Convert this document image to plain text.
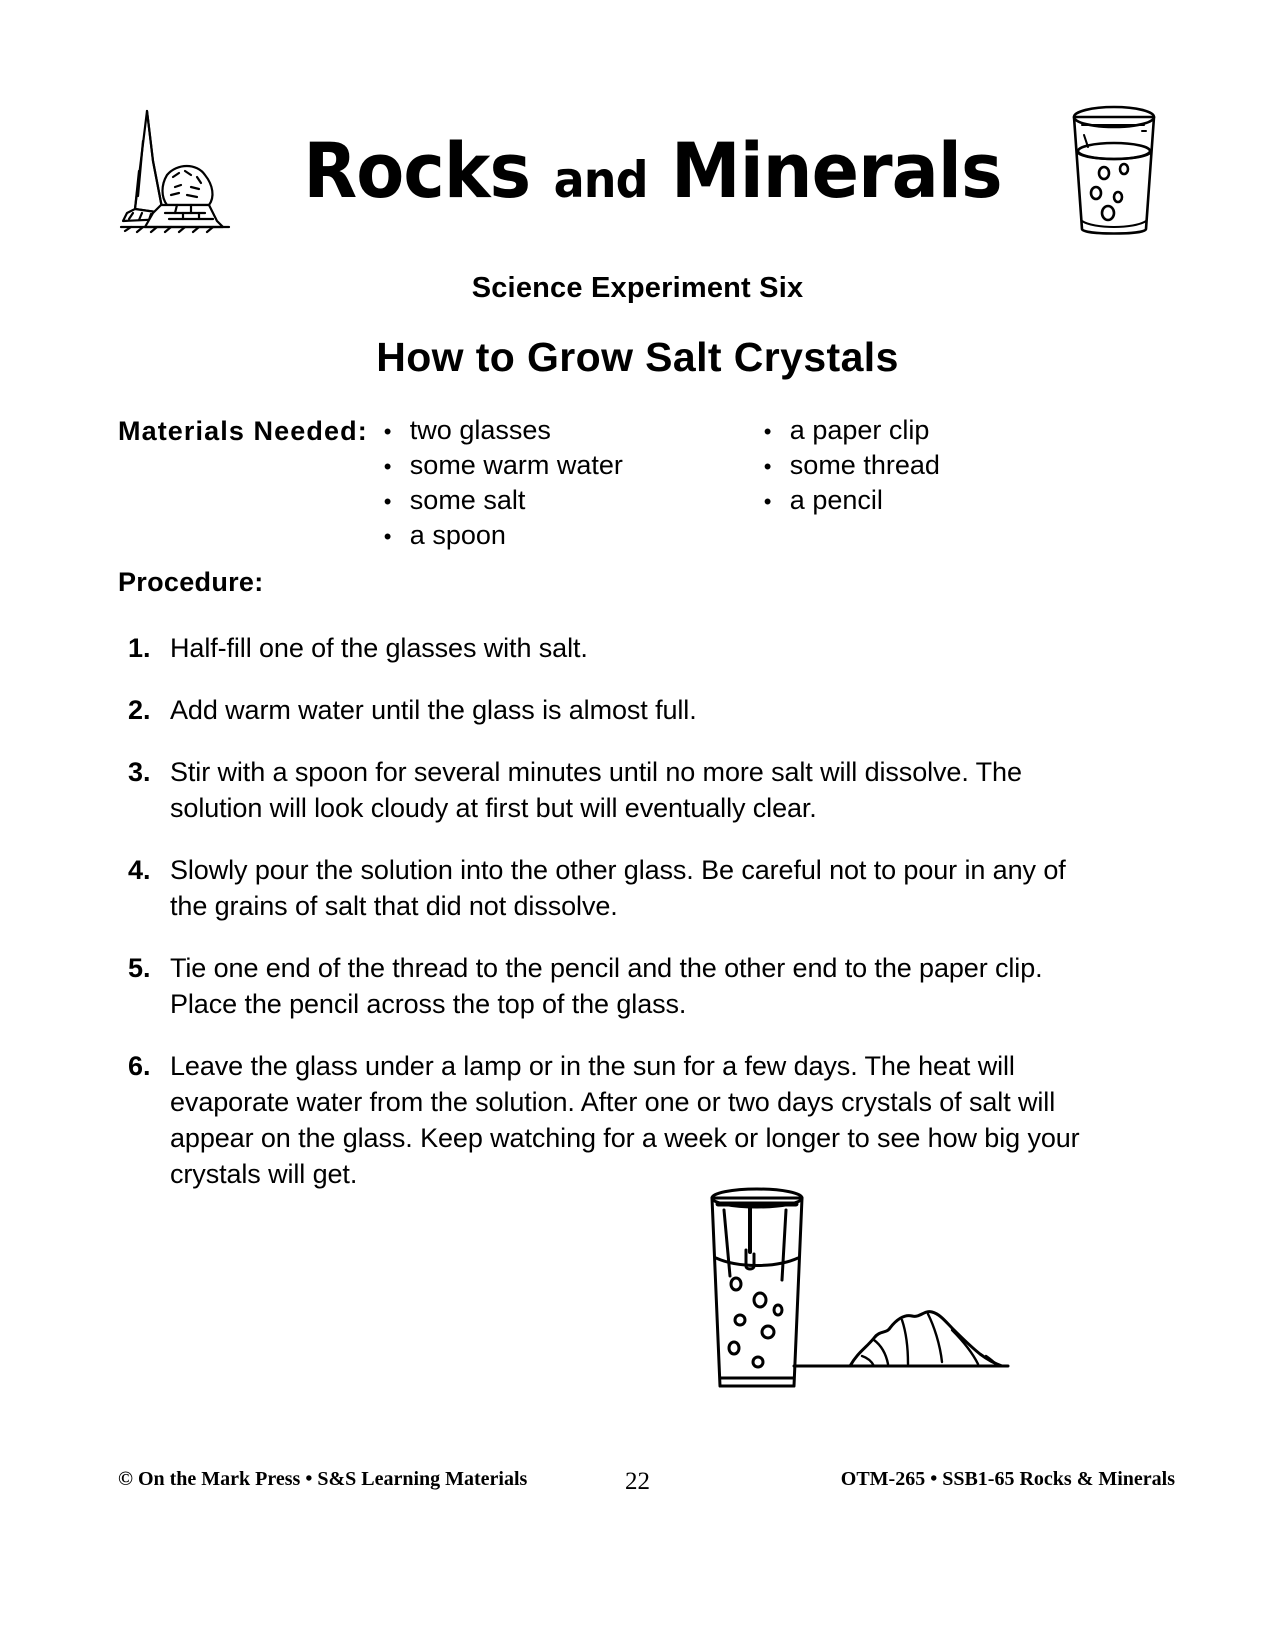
Rocks and Minerals
Science Experiment Six
How to Grow Salt Crystals
Materials Needed: • two glasses
• some warm water
• some salt
• a spoon
• a paper clip
• some thread
• a pencil
Procedure:
1. Half-fill one of the glasses with salt.
2. Add warm water until the glass is almost full.
3. Stir with a spoon for several minutes until no more salt will dissolve. The solution will look cloudy at first but will eventually clear.
4. Slowly pour the solution into the other glass. Be careful not to pour in any of the grains of salt that did not dissolve.
5. Tie one end of the thread to the pencil and the other end to the paper clip. Place the pencil across the top of the glass.
6. Leave the glass under a lamp or in the sun for a few days. The heat will evaporate water from the solution. After one or two days crystals of salt will appear on the glass. Keep watching for a week or longer to see how big your crystals will get.
© On the Mark Press • S&S Learning Materials	22	OTM-265 • SSB1-65 Rocks & Minerals
